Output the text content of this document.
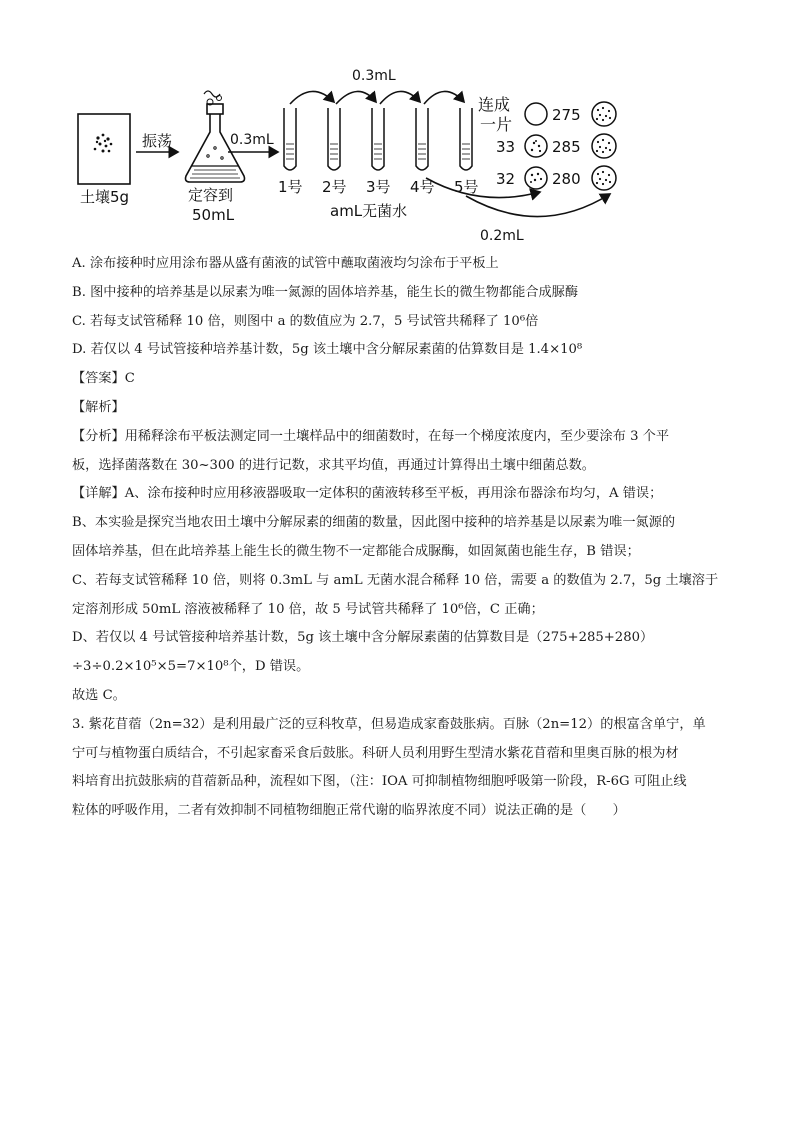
土壤5g
振荡
定容到
50mL
0.3mL
0.3mL
1号 2号 3号 4号 5号
amL无菌水
连成
一片
33
32
275
285
280
0.2mL
A. 涂布接种时应用涂布器从盛有菌液的试管中蘸取菌液均匀涂布于平板上
B. 图中接种的培养基是以尿素为唯一氮源的固体培养基，能生长的微生物都能合成脲酶
C. 若每支试管稀释 10 倍，则图中 a 的数值应为 2.7，5 号试管共稀释了 10⁶倍
D. 若仅以 4 号试管接种培养基计数，5g 该土壤中含分解尿素菌的估算数目是 1.4×10⁸
【答案】C
【解析】
【分析】用稀释涂布平板法测定同一土壤样品中的细菌数时，在每一个梯度浓度内，至少要涂布 3 个平
板，选择菌落数在 30~300 的进行记数，求其平均值，再通过计算得出土壤中细菌总数。
【详解】A、涂布接种时应用移液器吸取一定体积的菌液转移至平板，再用涂布器涂布均匀，A 错误；
B、本实验是探究当地农田土壤中分解尿素的细菌的数量，因此图中接种的培养基是以尿素为唯一氮源的
固体培养基，但在此培养基上能生长的微生物不一定都能合成脲酶，如固氮菌也能生存，B 错误；
C、若每支试管稀释 10 倍，则将 0.3mL 与 amL 无菌水混合稀释 10 倍，需要 a 的数值为 2.7，5g 土壤溶于
定溶剂形成 50mL 溶液被稀释了 10 倍，故 5 号试管共稀释了 10⁶倍，C 正确；
D、若仅以 4 号试管接种培养基计数，5g 该土壤中含分解尿素菌的估算数目是（275+285+280）
÷3÷0.2×10⁵×5=7×10⁸个，D 错误。
故选 C。
3. 紫花苜蓿（2n=32）是利用最广泛的豆科牧草，但易造成家畜鼓胀病。百脉（2n=12）的根富含单宁，单
宁可与植物蛋白质结合，不引起家畜采食后鼓胀。科研人员利用野生型清水紫花苜蓿和里奥百脉的根为材
料培育出抗鼓胀病的苜蓿新品种，流程如下图，（注：IOA 可抑制植物细胞呼吸第一阶段，R-6G 可阻止线
粒体的呼吸作用，二者有效抑制不同植物细胞正常代谢的临界浓度不同）说法正确的是（　　）
